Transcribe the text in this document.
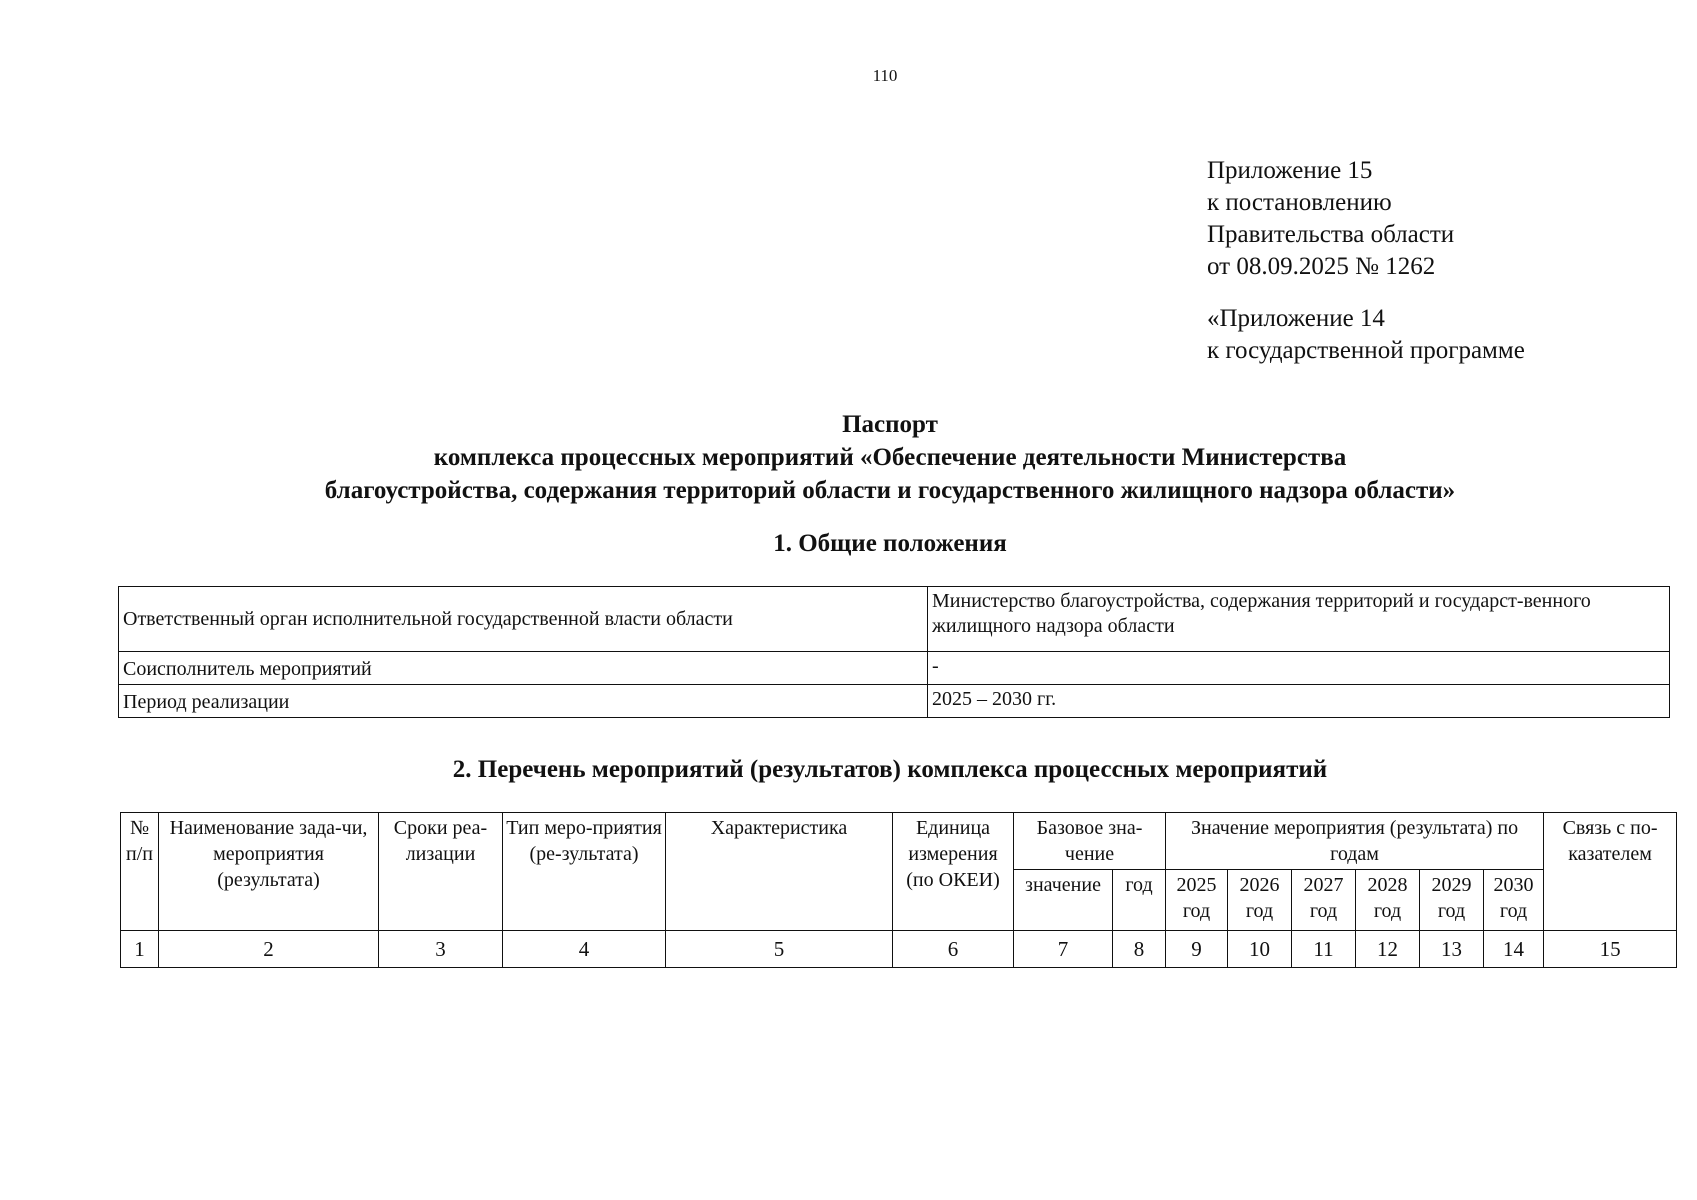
110

Приложение 15

к постановлению

Правительства области

от 08.09.2025 № 1262

«Приложение 14

к государственной программе

Паспорт
комплекса процессных мероприятий «Обеспечение деятельности Министерства
благоустройства, содержания территорий области и государственного жилищного надзора области»
1. Общие положения
Ответственный орган исполнительной государственной власти области	Министерство благоустройства, содержания территорий и государст-венного жилищного надзора области
Соисполнитель мероприятий	-
Период реализации	2025 – 2030 гг.
2. Перечень мероприятий (результатов) комплекса процессных мероприятий
№ п/п	Наименование зада-чи, мероприятия (результата)	Сроки реа-лизации	Тип меро-приятия (ре-зультата)	Характеристика	Единица измерения (по ОКЕИ)	Базовое зна-чение		Значение мероприятия (результата) по годам						Связь с по-казателем
						значение	год	2025 год	2026 год	2027 год	2028 год	2029 год	2030 год	
1	2	3	4	5	6	7	8	9	10	11	12	13	14	15
